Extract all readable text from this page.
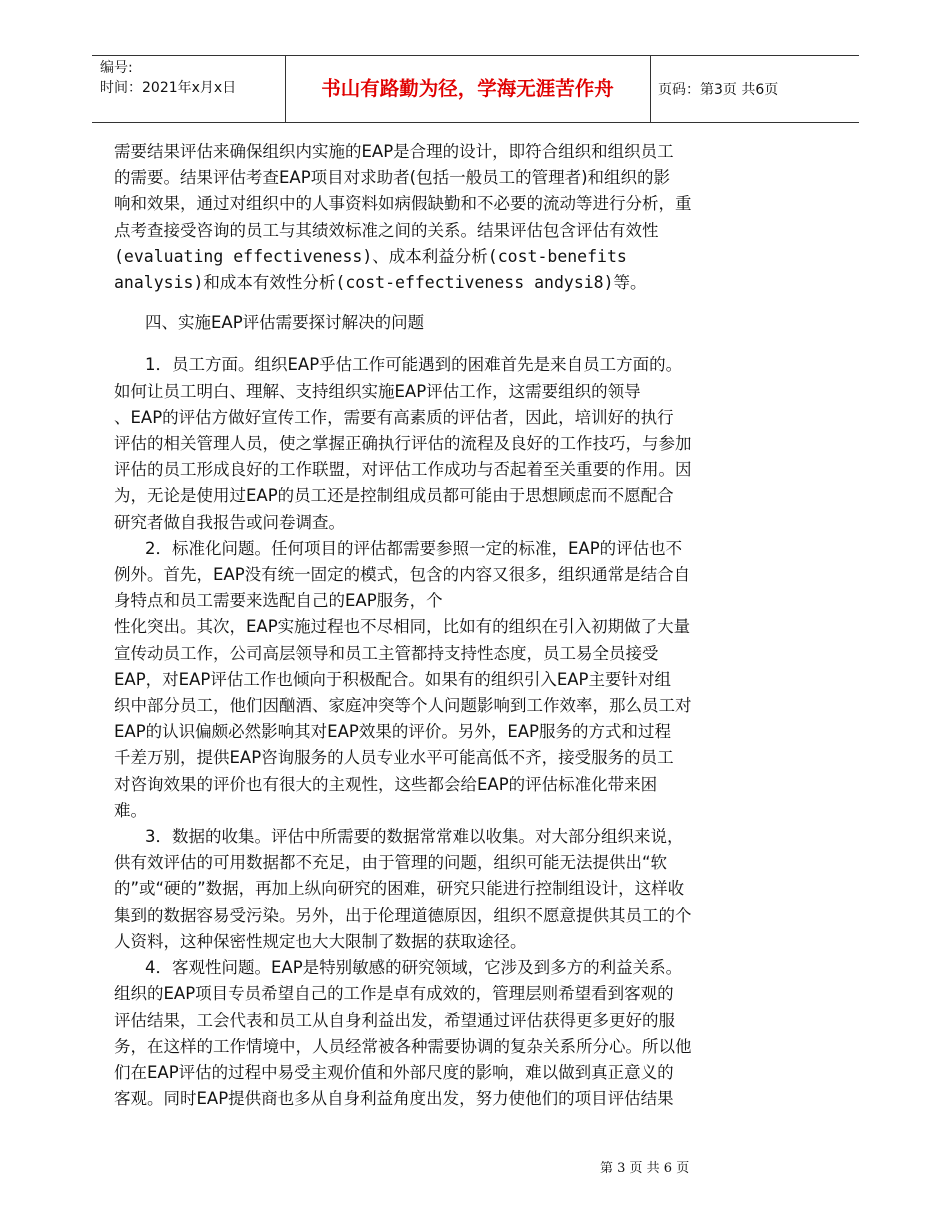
编号:
时间：2021年x月x日	书山有路勤为径，学海无涯苦作舟	页码：第3页 共6页

需要结果评估来确保组织内实施的EAP是合理的设计，即符合组织和组织员工

的需要。结果评估考查EAP项目对求助者(包括一般员工的管理者)和组织的影

响和效果，通过对组织中的人事资料如病假缺勤和不必要的流动等进行分析，重

点考查接受咨询的员工与其绩效标准之间的关系。结果评估包含评估有效性

(evaluating effectiveness)、成本利益分析(cost-benefits

analysis)和成本有效性分析(cost-effectiveness andysi8)等。

四、实施EAP评估需要探讨解决的问题

1．员工方面。组织EAP乎估工作可能遇到的困难首先是来自员工方面的。

如何让员工明白、理解、支持组织实施EAP评估工作，这需要组织的领导

、EAP的评估方做好宣传工作，需要有高素质的评估者，因此，培训好的执行

评估的相关管理人员，使之掌握正确执行评估的流程及良好的工作技巧，与参加

评估的员工形成良好的工作联盟，对评估工作成功与否起着至关重要的作用。因

为，无论是使用过EAP的员工还是控制组成员都可能由于思想顾虑而不愿配合

研究者做自我报告或问卷调查。

2．标准化问题。任何项目的评估都需要参照一定的标准，EAP的评估也不

例外。首先，EAP没有统一固定的模式，包含的内容又很多，组织通常是结合自

身特点和员工需要来选配自己的EAP服务，个

性化突出。其次，EAP实施过程也不尽相同，比如有的组织在引入初期做了大量

宣传动员工作，公司高层领导和员工主管都持支持性态度，员工易全员接受

EAP，对EAP评估工作也倾向于积极配合。如果有的组织引入EAP主要针对组

织中部分员工，他们因酗酒、家庭冲突等个人问题影响到工作效率，那么员工对

EAP的认识偏颇必然影响其对EAP效果的评价。另外，EAP服务的方式和过程

千差万别，提供EAP咨询服务的人员专业水平可能高低不齐，接受服务的员工

对咨询效果的评价也有很大的主观性，这些都会给EAP的评估标准化带来困

难。

3．数据的收集。评估中所需要的数据常常难以收集。对大部分组织来说，

供有效评估的可用数据都不充足，由于管理的问题，组织可能无法提供出“软

的”或“硬的”数据，再加上纵向研究的困难，研究只能进行控制组设计，这样收

集到的数据容易受污染。另外，出于伦理道德原因，组织不愿意提供其员工的个

人资料，这种保密性规定也大大限制了数据的获取途径。

4．客观性问题。EAP是特别敏感的研究领域，它涉及到多方的利益关系。

组织的EAP项目专员希望自己的工作是卓有成效的，管理层则希望看到客观的

评估结果，工会代表和员工从自身利益出发，希望通过评估获得更多更好的服

务，在这样的工作情境中，人员经常被各种需要协调的复杂关系所分心。所以他

们在EAP评估的过程中易受主观价值和外部尺度的影响，难以做到真正意义的

客观。同时EAP提供商也多从自身利益角度出发，努力使他们的项目评估结果

第 3 页 共 6 页
